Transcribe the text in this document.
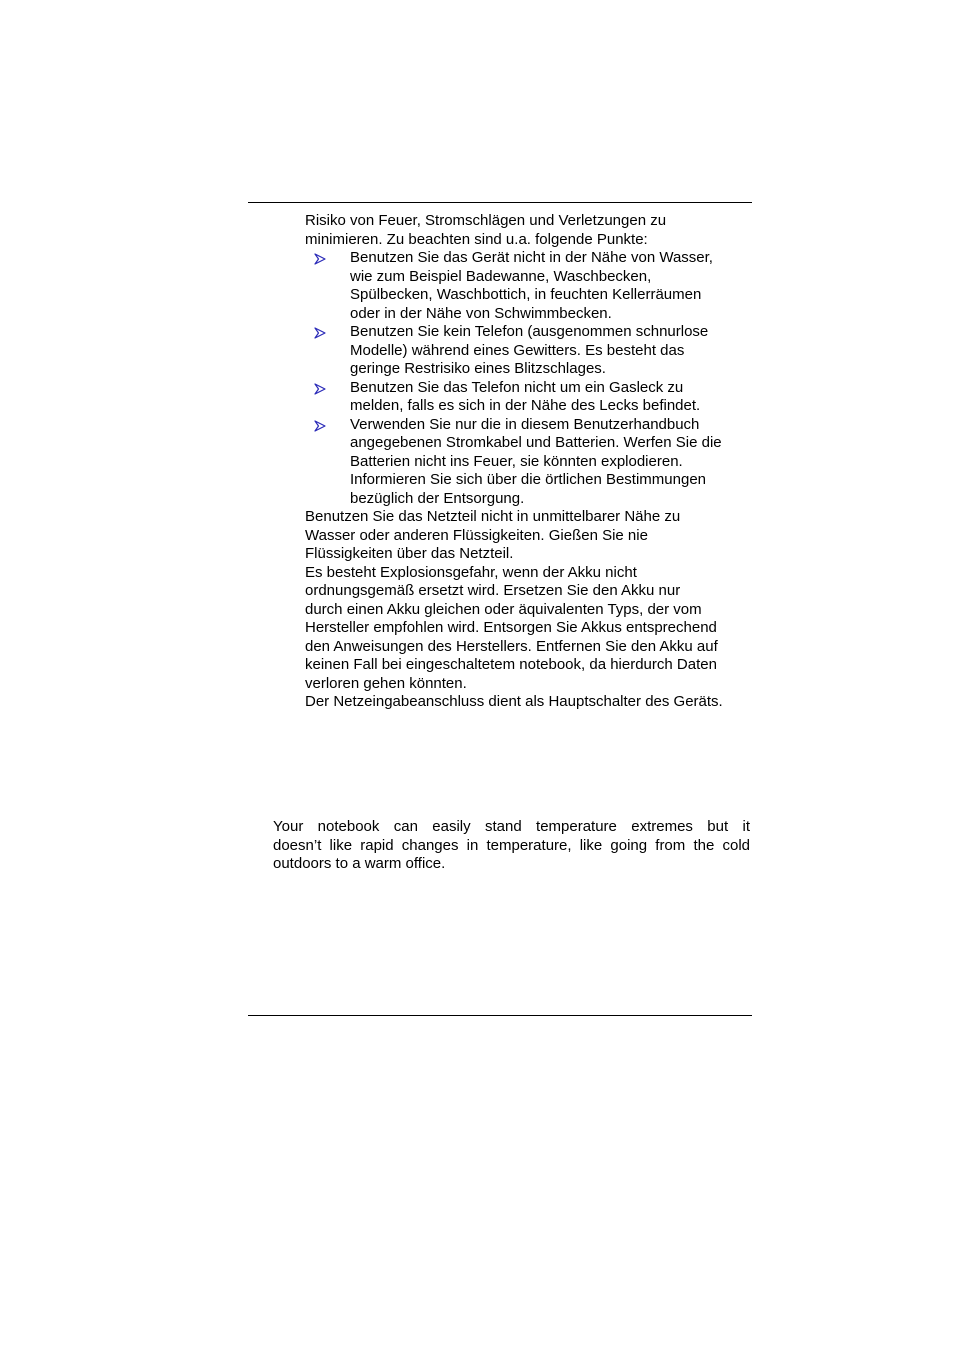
Risiko von Feuer, Stromschlägen und Verletzungen zu
minimieren. Zu beachten sind u.a. folgende Punkte:
Benutzen Sie das Gerät nicht in der Nähe von Wasser,
wie zum Beispiel Badewanne, Waschbecken,
Spülbecken, Waschbottich, in feuchten Kellerräumen
oder in der Nähe von Schwimmbecken.
Benutzen Sie kein Telefon (ausgenommen schnurlose
Modelle) während eines Gewitters. Es besteht das
geringe Restrisiko eines Blitzschlages.
Benutzen Sie das Telefon nicht um ein Gasleck zu
melden, falls es sich in der Nähe des Lecks befindet.
Verwenden Sie nur die in diesem Benutzerhandbuch
angegebenen Stromkabel und Batterien. Werfen Sie die
Batterien nicht ins Feuer, sie könnten explodieren.
Informieren Sie sich über die örtlichen Bestimmungen
bezüglich der Entsorgung.
Benutzen Sie das Netzteil nicht in unmittelbarer Nähe zu
Wasser oder anderen Flüssigkeiten. Gießen Sie nie
Flüssigkeiten über das Netzteil.
Es besteht Explosionsgefahr, wenn der Akku nicht
ordnungsgemäß ersetzt wird. Ersetzen Sie den Akku nur
durch einen Akku gleichen oder äquivalenten Typs, der vom
Hersteller empfohlen wird. Entsorgen Sie Akkus entsprechend
den Anweisungen des Herstellers. Entfernen Sie den Akku auf
keinen Fall bei eingeschaltetem notebook, da hierdurch Daten
verloren gehen könnten.
Der Netzeingabeanschluss dient als Hauptschalter des Geräts.
Your notebook can easily stand temperature extremes but it
doesn’t like rapid changes in temperature, like going from the cold
outdoors to a warm office.
